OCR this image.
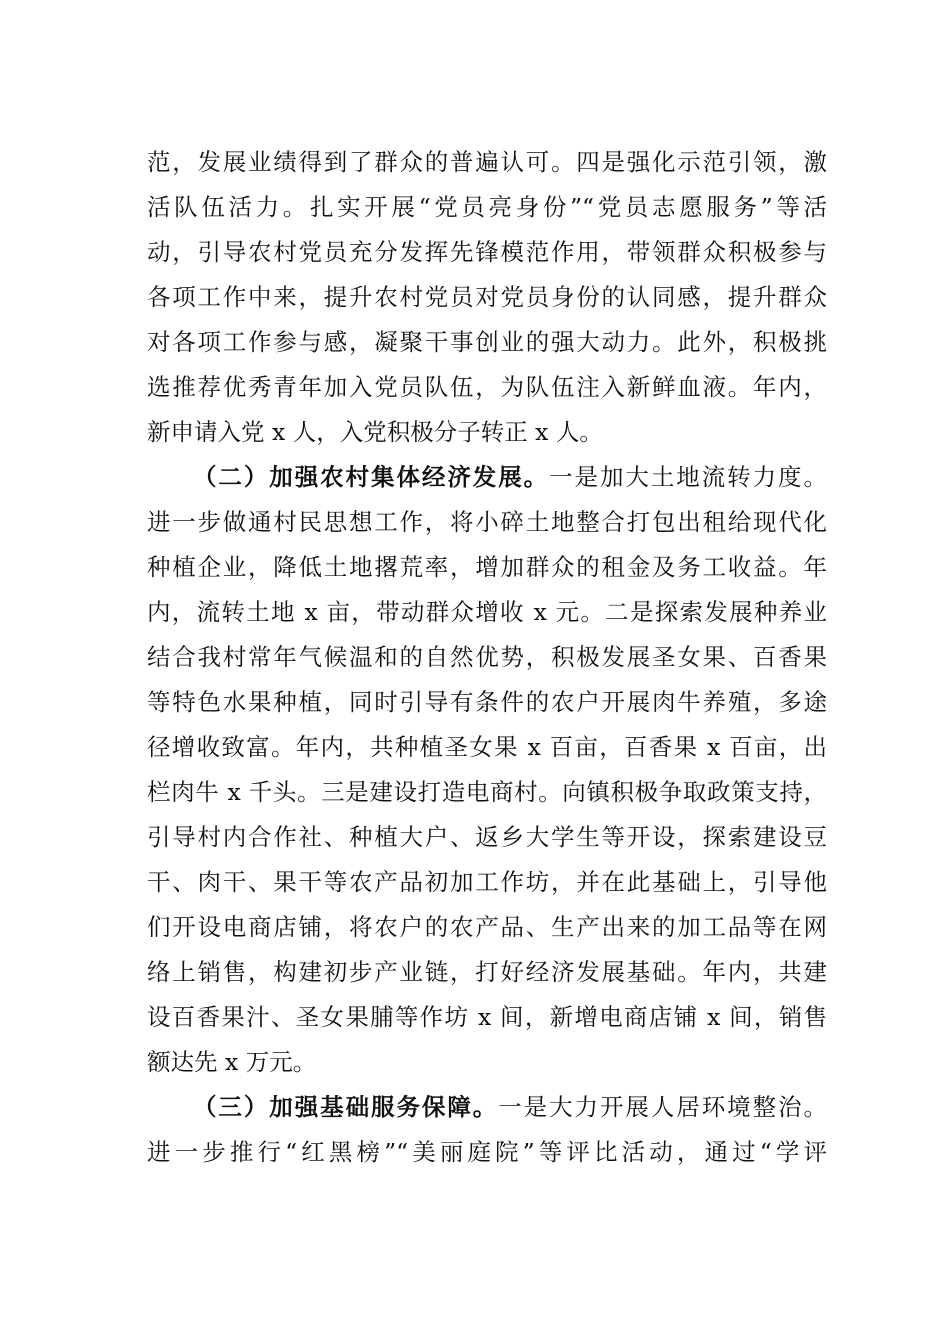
范，发展业绩得到了群众的普遍认可。四是强化示范引领，激
活队伍活力。扎实开展“党员亮身份”“党员志愿服务”等活
动，引导农村党员充分发挥先锋模范作用，带领群众积极参与
各项工作中来，提升农村党员对党员身份的认同感，提升群众
对各项工作参与感，凝聚干事创业的强大动力。此外，积极挑
选推荐优秀青年加入党员队伍，为队伍注入新鲜血液。年内，
新申请入党 x 人，入党积极分子转正 x 人。
（二）加强农村集体经济发展。一是加大土地流转力度。
进一步做通村民思想工作，将小碎土地整合打包出租给现代化
种植企业，降低土地撂荒率，增加群众的租金及务工收益。年
内，流转土地 x 亩，带动群众增收 x 元。二是探索发展种养业
结合我村常年气候温和的自然优势，积极发展圣女果、百香果
等特色水果种植，同时引导有条件的农户开展肉牛养殖，多途
径增收致富。年内，共种植圣女果 x 百亩，百香果 x 百亩，出
栏肉牛 x 千头。三是建设打造电商村。向镇积极争取政策支持，
引导村内合作社、种植大户、返乡大学生等开设，探索建设豆
干、肉干、果干等农产品初加工作坊，并在此基础上，引导他
们开设电商店铺，将农户的农产品、生产出来的加工品等在网
络上销售，构建初步产业链，打好经济发展基础。年内，共建
设百香果汁、圣女果脯等作坊 x 间，新增电商店铺 x 间，销售
额达先 x 万元。
（三）加强基础服务保障。一是大力开展人居环境整治。
进一步推行“红黑榜”“美丽庭院”等评比活动，通过“学评
